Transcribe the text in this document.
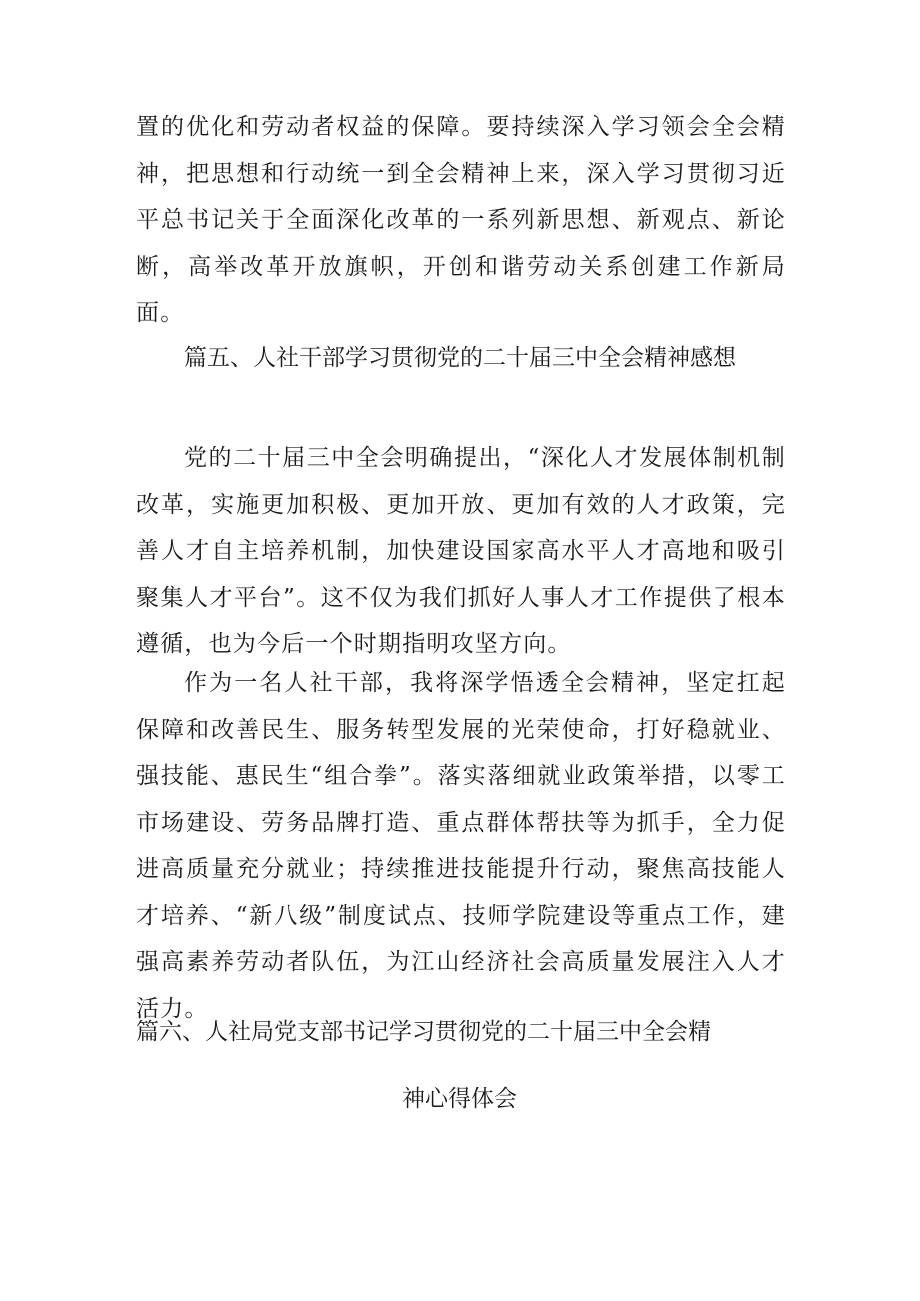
置的优化和劳动者权益的保障。要持续深入学习领会全会精神，把思想和行动统一到全会精神上来，深入学习贯彻习近平总书记关于全面深化改革的一系列新思想、新观点、新论断，高举改革开放旗帜，开创和谐劳动关系创建工作新局面。

篇五、人社干部学习贯彻党的二十届三中全会精神感想

党的二十届三中全会明确提出，“深化人才发展体制机制改革，实施更加积极、更加开放、更加有效的人才政策，完善人才自主培养机制，加快建设国家高水平人才高地和吸引聚集人才平台”。这不仅为我们抓好人事人才工作提供了根本遵循，也为今后一个时期指明攻坚方向。

作为一名人社干部，我将深学悟透全会精神，坚定扛起保障和改善民生、服务转型发展的光荣使命，打好稳就业、强技能、惠民生“组合拳”。落实落细就业政策举措，以零工市场建设、劳务品牌打造、重点群体帮扶等为抓手，全力促进高质量充分就业；持续推进技能提升行动，聚焦高技能人才培养、“新八级”制度试点、技师学院建设等重点工作，建强高素养劳动者队伍，为江山经济社会高质量发展注入人才活力。

篇六、人社局党支部书记学习贯彻党的二十届三中全会精
神心得体会
